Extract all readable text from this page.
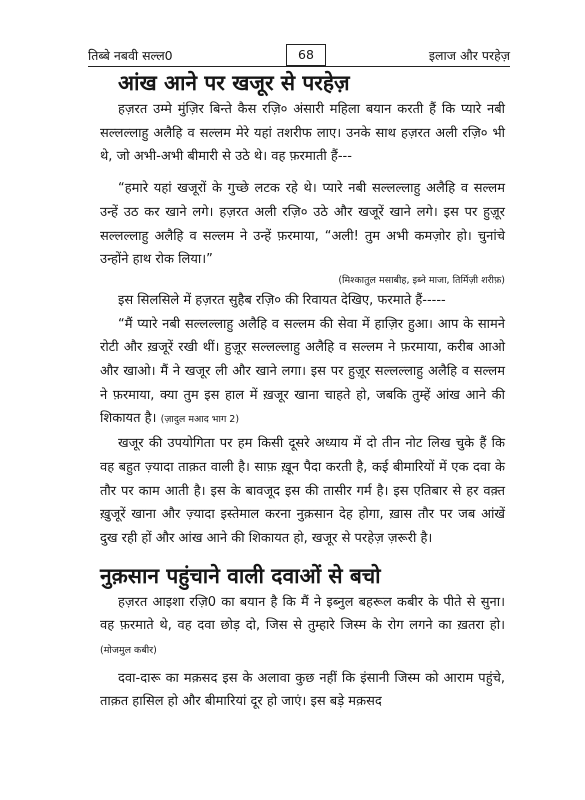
तिब्बे नबवी सल्ल0	68	इलाज और परहेज़
आंख आने पर खजूर से परहेज़

हज़रत उम्मे मुंज़िर बिन्ते कैस रज़ि० अंसारी महिला बयान करती हैं कि प्यारे नबी सल्लल्लाहु अलैहि व सल्लम मेरे यहां तशरीफ लाए। उनके साथ हज़रत अली रज़ि० भी थे, जो अभी-अभी बीमारी से उठे थे। वह फ़रमाती हैं---

“हमारे यहां खजूरों के गुच्छे लटक रहे थे। प्यारे नबी सल्लल्लाहु अलैहि व सल्लम उन्हें उठ कर खाने लगे। हज़रत अली रज़ि० उठे और खजूरें खाने लगे। इस पर हुज़ूर सल्लल्लाहु अलैहि व सल्लम ने उन्हें फ़रमाया, “अली! तुम अभी कमज़ोर हो। चुनांचे उन्होंने हाथ रोक लिया।”

(मिश्कातुल मसाबीह, इब्ने माजा, तिर्मिज़ी शरीफ़)

इस सिलसिले में हज़रत सुहैब रज़ि० की रिवायत देखिए, फरमाते हैं-----

“मैं प्यारे नबी सल्लल्लाहु अलैहि व सल्लम की सेवा में हाज़िर हुआ। आप के सामने रोटी और ख़जूरें रखी थीं। हुज़ूर सल्लल्लाहु अलैहि व सल्लम ने फ़रमाया, करीब आओ और खाओ। मैं ने खजूर ली और खाने लगा। इस पर हुज़ूर सल्लल्लाहु अलैहि व सल्लम ने फ़रमाया, क्या तुम इस हाल में ख़जूर खाना चाहते हो, जबकि तुम्हें आंख आने की शिकायत है। (ज़ादुल मआद भाग 2)

खजूर की उपयोगिता पर हम किसी दूसरे अध्याय में दो तीन नोट लिख चुके हैं कि वह बहुत ज़्यादा ताक़त वाली है। साफ़ ख़ून पैदा करती है, कई बीमारियों में एक दवा के तौर पर काम आती है। इस के बावजूद इस की तासीर गर्म है। इस एतिबार से हर वक़्त ख़ुजूरें खाना और ज़्यादा इस्तेमाल करना नुक़सान देह होगा, ख़ास तौर पर जब आंखें दुख रही हों और आंख आने की शिकायत हो, खजूर से परहेज़ ज़रूरी है।

नुक़सान पहुंचाने वाली दवाओं से बचो

हज़रत आइशा रज़ि0 का बयान है कि मैं ने इब्नुल बहरूल कबीर के पीते से सुना। वह फ़रमाते थे, वह दवा छोड़ दो, जिस से तुम्हारे जिस्म के रोग लगने का ख़तरा हो। (मोजमुल कबीर)

दवा-दारू का मक़सद इस के अलावा कुछ नहीं कि इंसानी जिस्म को आराम पहुंचे, ताक़त हासिल हो और बीमारियां दूर हो जाएं। इस बड़े मक़सद
